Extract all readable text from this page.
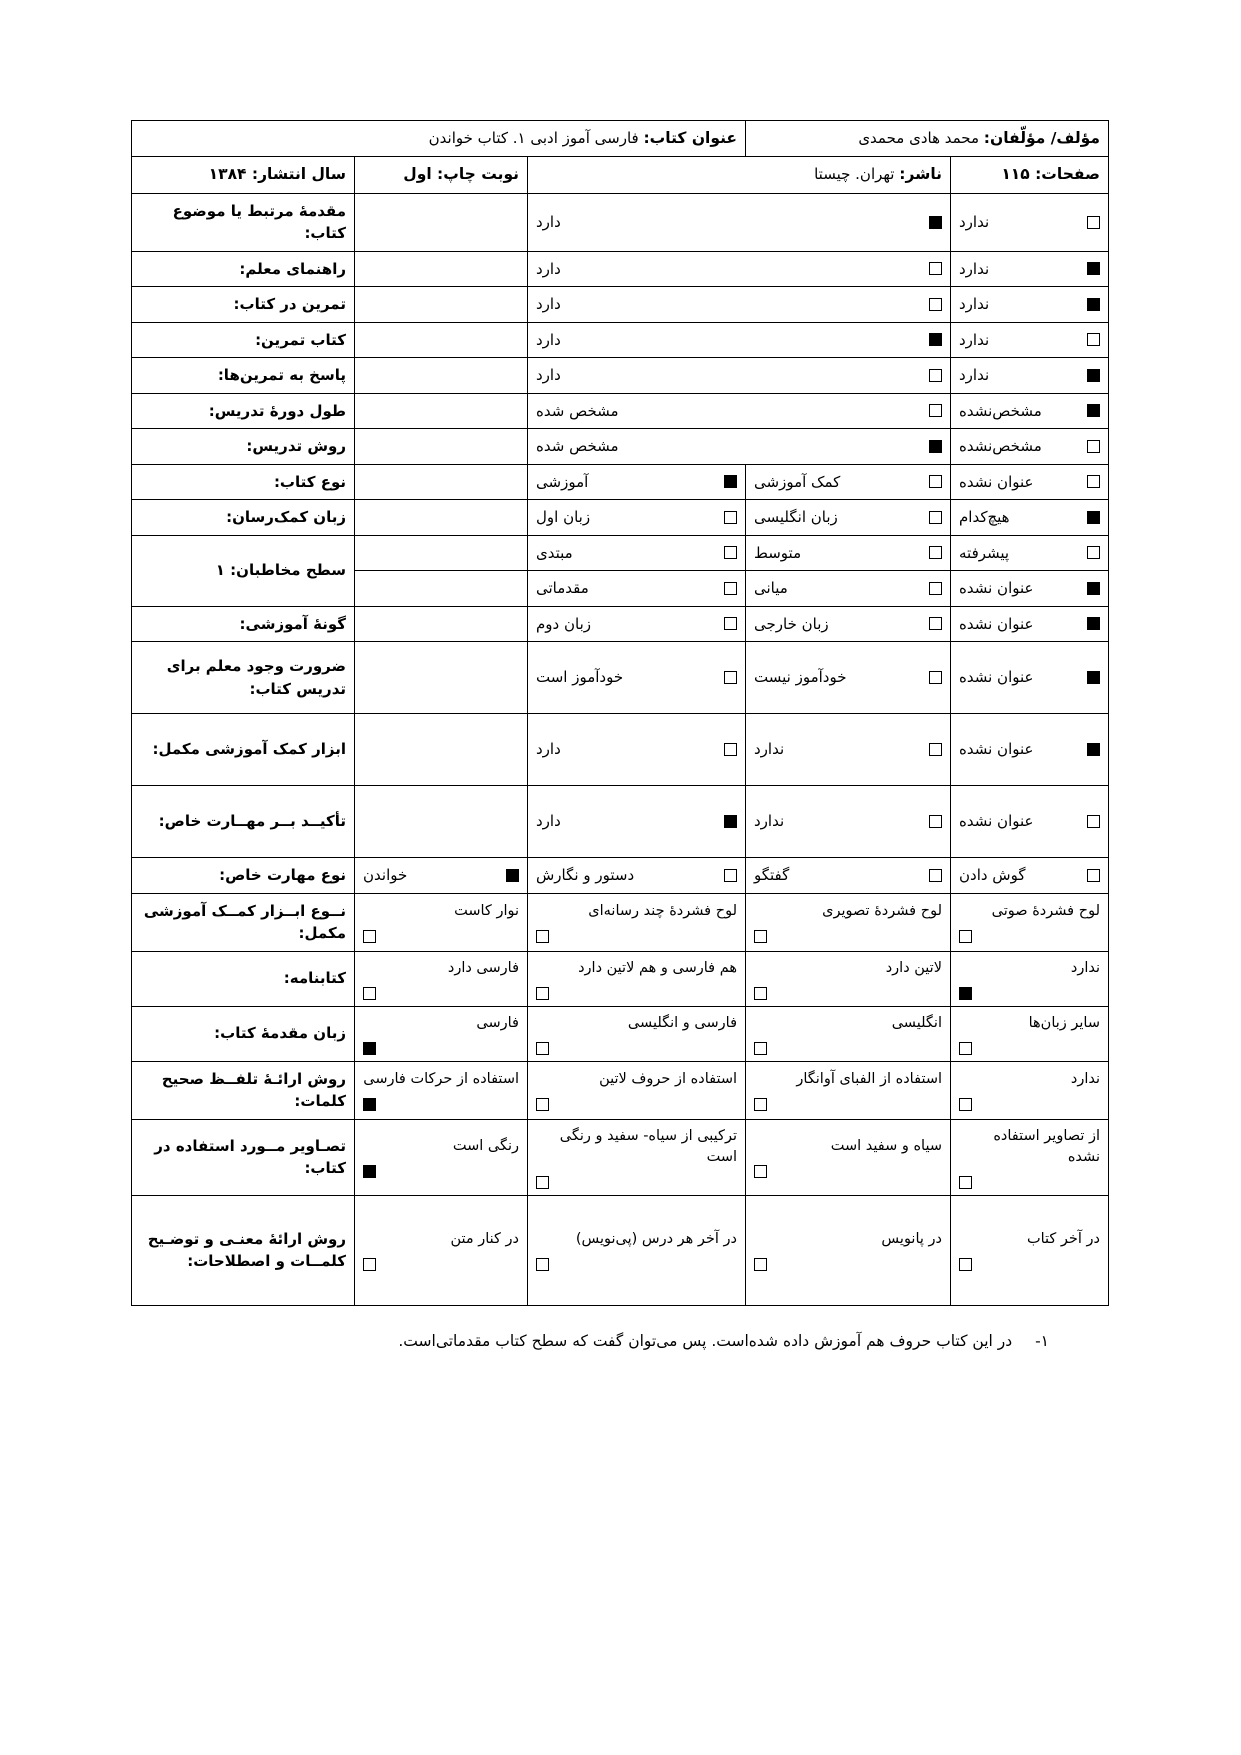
مؤلف/ مؤلّفان: محمد هادی محمدی		عنوان کتاب: فارسی آموز ادبی ۱. کتاب خواندن		
صفحات: ۱۱۵	ناشر: تهران. چیستا		نوبت چاپ: اول	سال انتشار: ۱۳۸۴

ندارد	دارد			مقدمهٔ مرتبط یا موضوع کتاب:

ندارد	دارد			راهنمای معلم:

ندارد	دارد			تمرین در کتاب:

ندارد	دارد			کتاب تمرین:

ندارد	دارد			پاسخ به تمرین‌ها:

مشخص‌نشده	مشخص شده			طول دورهٔ تدریس:

مشخص‌نشده	مشخص شده			روش تدریس:

عنوان نشده	کمک آموزشی	آموزشی		نوع کتاب:

هیچ‌کدام	زبان انگلیسی	زبان اول		زبان کمک‌رسان:

پیشرفته	متوسط	مبتدی		سطح مخاطبان: ۱

عنوان نشده	میانی	مقدماتی		

عنوان نشده	زبان خارجی	زبان دوم		گونهٔ آموزشی:

عنوان نشده	خودآموز نیست	خودآموز است		ضرورت وجود معلم برای تدریس کتاب:

عنوان نشده	ندارد	دارد		ابزار کمک آموزشی مکمل:

عنوان نشده	ندارد	دارد		تأکیــد بــر مهــارت خاص:

گوش دادن	گفتگو	دستور و نگارش	خواندن	نوع مهارت خاص:

لوح فشردهٔ صوتی	لوح فشردهٔ تصویری	لوح فشردهٔ چند رسانه‌ای	نوار کاست	نــوع ابــزار کمــک آموزشی مکمل:

ندارد	لاتین دارد	هم فارسی و هم لاتین دارد	فارسی دارد	کتابنامه:

سایر زبان‌ها	انگلیسی	فارسی و انگلیسی	فارسی	زبان مقدمهٔ کتاب:

ندارد	استفاده از الفبای آوانگار	استفاده از حروف لاتین	استفاده از حرکات فارسی	روش ارائـهٔ تلفــظ صحیح کلمات:

از تصاویر استفاده نشده	سیاه و سفید است	ترکیبی از سیاه- سفید و رنگی است	رنگی است	تصـاویر مــورد استفاده در کتاب:

در آخر کتاب	در پانویس	در آخر هر درس (پی‌نویس)	در کنار متن	روش ارائهٔ معنـی و توضـیح کلمــات و اصطلاحات:
۱- در این کتاب حروف هم آموزش داده شده‌است. پس می‌توان گفت که سطح کتاب مقدماتی‌است.
